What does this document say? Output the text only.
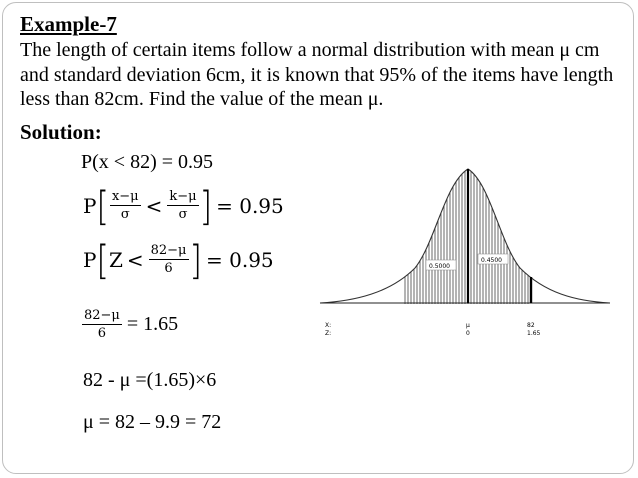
Example-7
The length of certain items follow a normal distribution with mean μ cm and standard deviation 6cm, it is known that 95% of the items have length less than 82cm. Find the value of the mean μ.
Solution:
P(x < 82) = 0.95
$P[ \frac{x-\mu}{\sigma} < \frac{k-\mu}{\sigma}$ ] = 0.95
$P[Z < \frac{82-\mu}{6}$ ] = 0.95
$\frac{82-\mu}{6} = 1.65$
82 - μ =(1.65)×6
μ = 82 – 9.9 = 72
0.5000
0.4500
X:
Z:
μ
0
82
1.65
